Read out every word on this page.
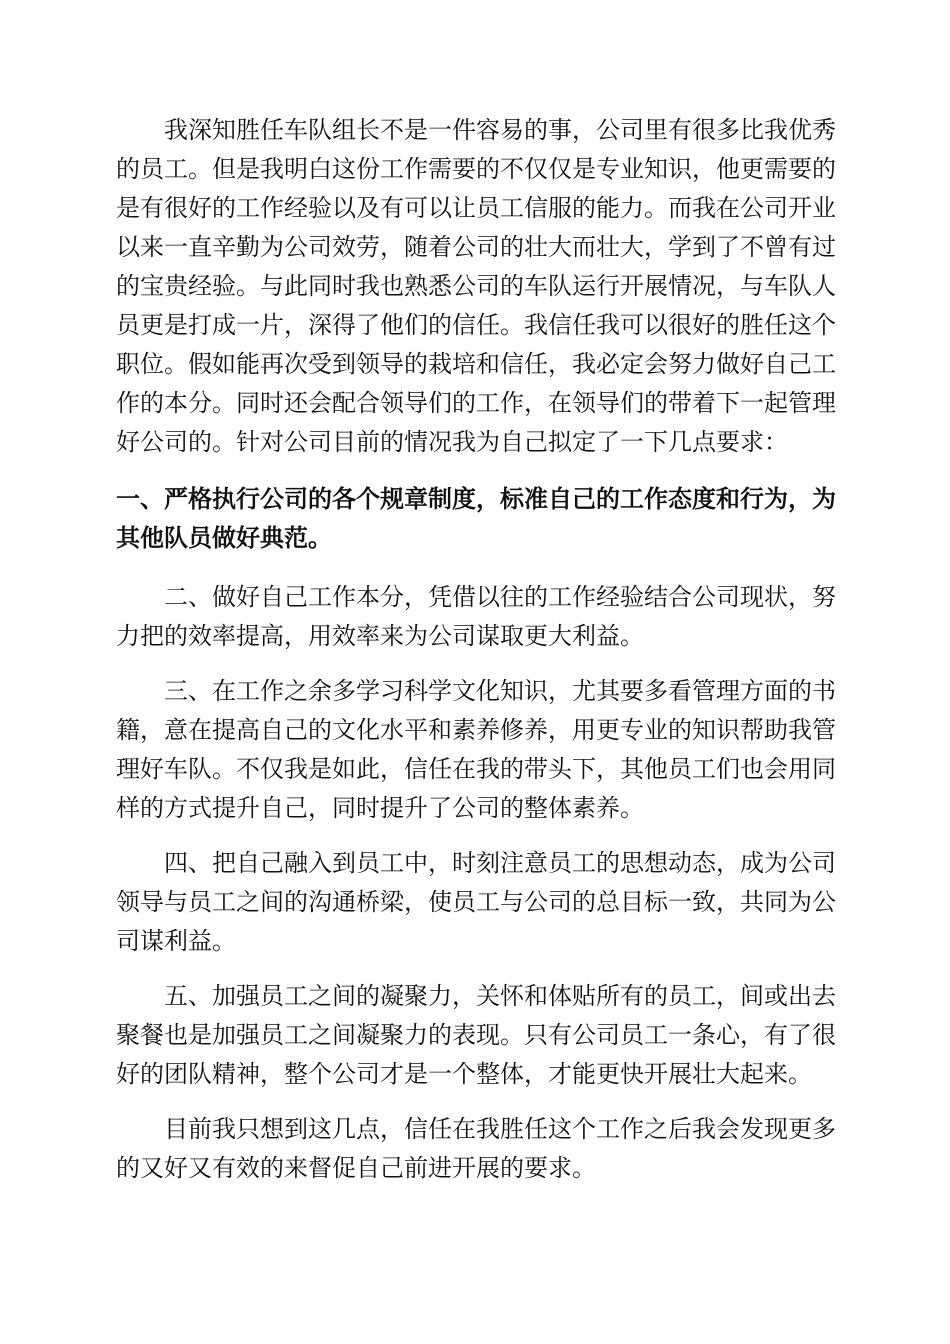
我深知胜任车队组长不是一件容易的事，公司里有很多比我优秀的员工。但是我明白这份工作需要的不仅仅是专业知识，他更需要的是有很好的工作经验以及有可以让员工信服的能力。而我在公司开业以来一直辛勤为公司效劳，随着公司的壮大而壮大，学到了不曾有过的宝贵经验。与此同时我也熟悉公司的车队运行开展情况，与车队人员更是打成一片，深得了他们的信任。我信任我可以很好的胜任这个职位。假如能再次受到领导的栽培和信任，我必定会努力做好自己工作的本分。同时还会配合领导们的工作，在领导们的带着下一起管理好公司的。针对公司目前的情况我为自己拟定了一下几点要求：

一、严格执行公司的各个规章制度，标准自己的工作态度和行为，为其他队员做好典范。

二、做好自己工作本分，凭借以往的工作经验结合公司现状，努力把的效率提高，用效率来为公司谋取更大利益。

三、在工作之余多学习科学文化知识，尤其要多看管理方面的书籍，意在提高自己的文化水平和素养修养，用更专业的知识帮助我管理好车队。不仅我是如此，信任在我的带头下，其他员工们也会用同样的方式提升自己，同时提升了公司的整体素养。

四、把自己融入到员工中，时刻注意员工的思想动态，成为公司领导与员工之间的沟通桥梁，使员工与公司的总目标一致，共同为公司谋利益。

五、加强员工之间的凝聚力，关怀和体贴所有的员工，间或出去聚餐也是加强员工之间凝聚力的表现。只有公司员工一条心，有了很好的团队精神，整个公司才是一个整体，才能更快开展壮大起来。

目前我只想到这几点，信任在我胜任这个工作之后我会发现更多的又好又有效的来督促自己前进开展的要求。
